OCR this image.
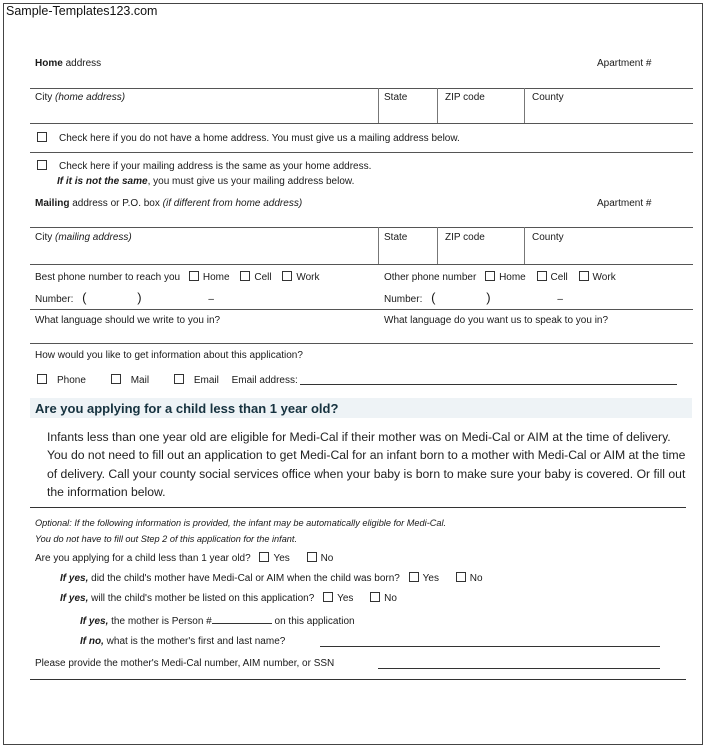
Sample-Templates123.com
Home address	Apartment #
City (home address)	State	ZIP code	County
Check here if you do not have a home address. You must give us a mailing address below.
Check here if your mailing address is the same as your home address.
If it is not the same, you must give us your mailing address below.
Mailing address or P.O. box (if different from home address)	Apartment #
City (mailing address)	State	ZIP code	County
Best phone number to reach you Home Cell Work	Other phone number Home Cell Work
Number: (	)	–	Number: (	)	–
What language should we write to you in?	What language do you want us to speak to you in?
How would you like to get information about this application?
Phone	Mail	Email Email address:
Are you applying for a child less than 1 year old?
Infants less than one year old are eligible for Medi-Cal if their mother was on Medi-Cal or AIM at the time of delivery. You do not need to fill out an application to get Medi-Cal for an infant born to a mother with Medi-Cal or AIM at the time of delivery. Call your county social services office when your baby is born to make sure your baby is covered. Or fill out the information below.
Optional: If the following information is provided, the infant may be automatically eligible for Medi-Cal.
You do not have to fill out Step 2 of this application for the infant.
Are you applying for a child less than 1 year old? Yes	No
If yes, did the child's mother have Medi-Cal or AIM when the child was born? Yes	No
If yes, will the child's mother be listed on this application? Yes	No
If yes, the mother is Person #	on this application
If no, what is the mother's first and last name?
Please provide the mother's Medi-Cal number, AIM number, or SSN
